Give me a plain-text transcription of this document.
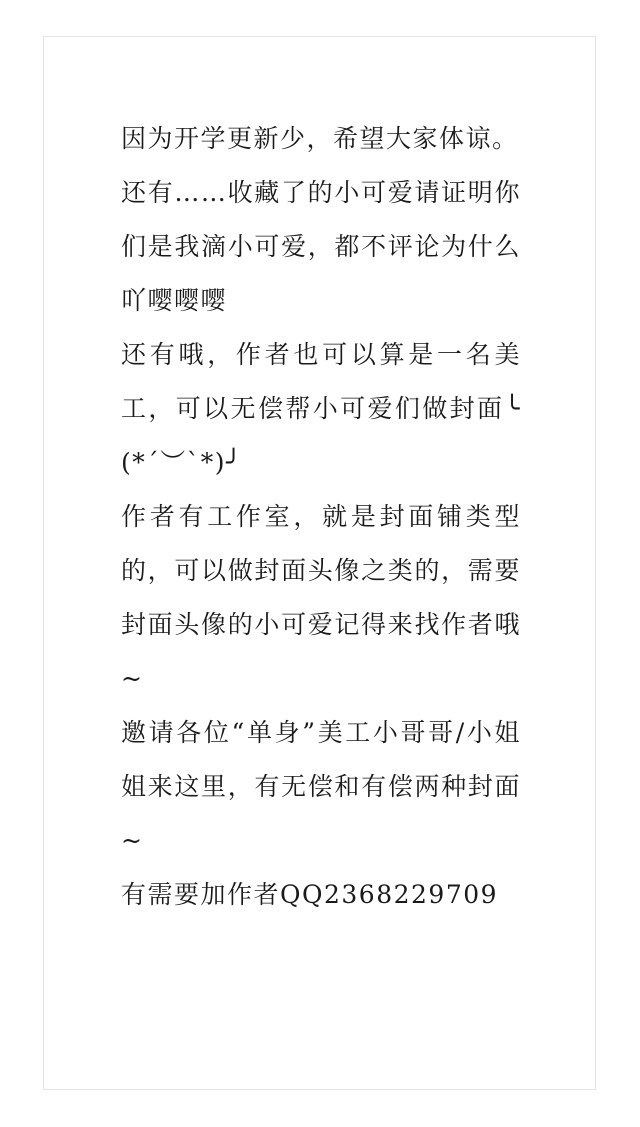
因为开学更新少，希望大家体谅。

还有……收藏了的小可爱请证明你们是我滴小可爱，都不评论为什么吖嘤嘤嘤

还有哦，作者也可以算是一名美工，可以无偿帮小可爱们做封面╰(*´︶`*)╯

作者有工作室，就是封面铺类型的，可以做封面头像之类的，需要封面头像的小可爱记得来找作者哦~

邀请各位“单身”美工小哥哥/小姐姐来这里，有无偿和有偿两种封面~

有需要加作者QQ2368229709
